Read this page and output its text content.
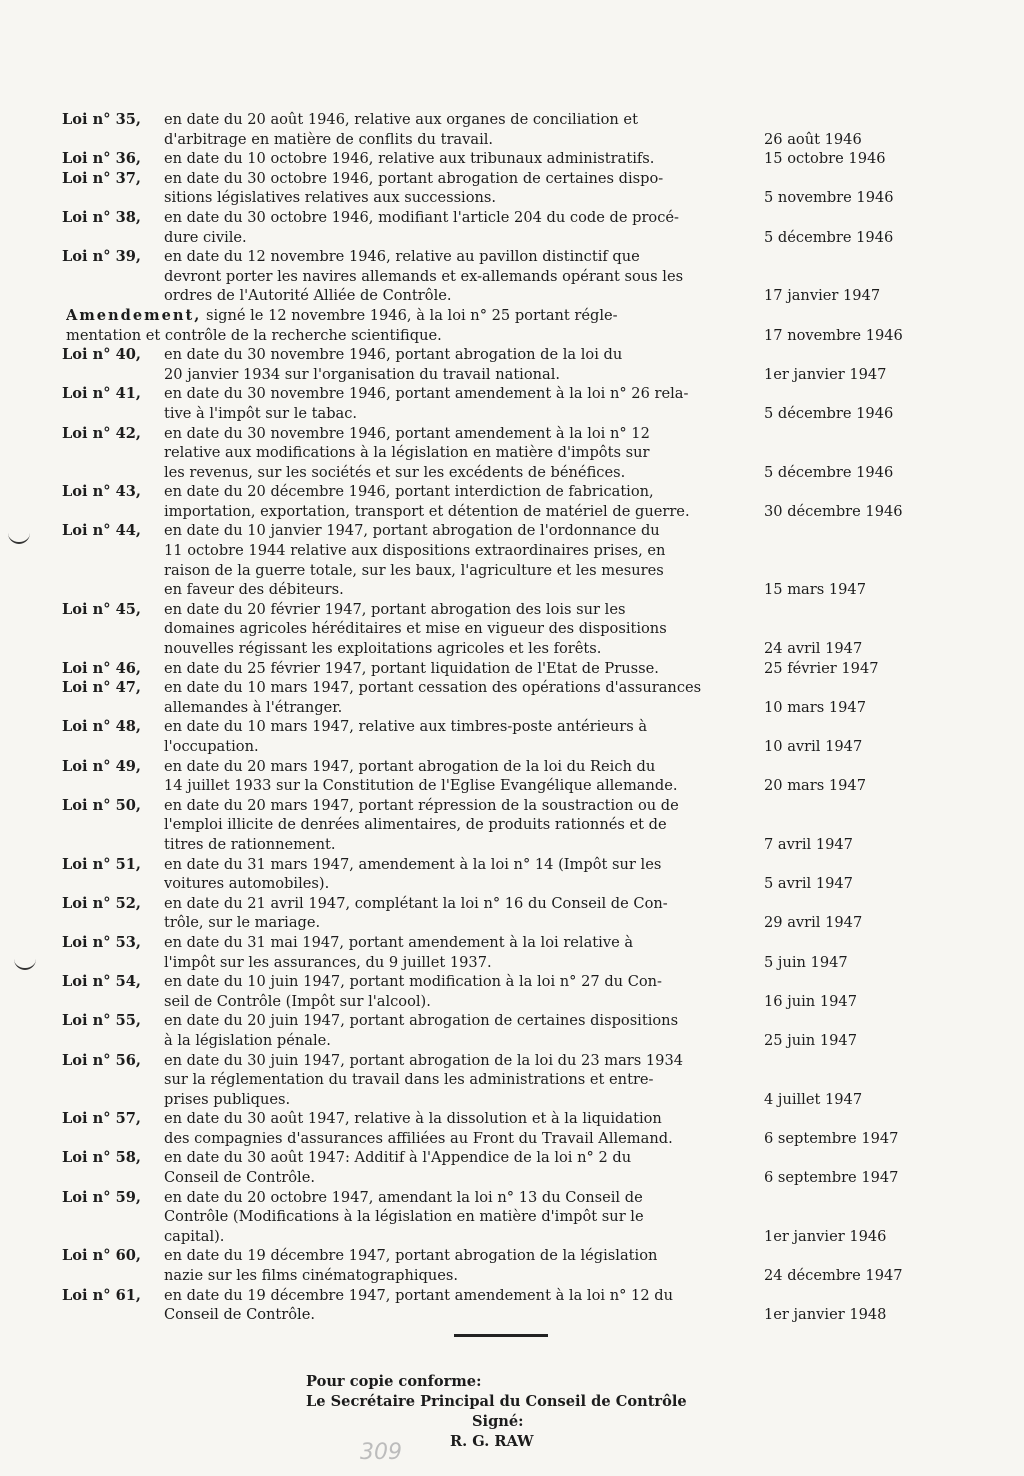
Loi n° 35,	en date du 20 août 1946, relative aux organes de conciliation et
d'arbitrage en matière de conflits du travail.	26 août 1946
Loi n° 36,	en date du 10 octobre 1946, relative aux tribunaux administratifs.	15 octobre 1946
Loi n° 37,	en date du 30 octobre 1946, portant abrogation de certaines dispo-
sitions législatives relatives aux successions.	5 novembre 1946
Loi n° 38,	en date du 30 octobre 1946, modifiant l'article 204 du code de procé-
dure civile.	5 décembre 1946
Loi n° 39,	en date du 12 novembre 1946, relative au pavillon distinctif que
devront porter les navires allemands et ex-allemands opérant sous les
ordres de l'Autorité Alliée de Contrôle.	17 janvier 1947
Amendement, signé le 12 novembre 1946, à la loi n° 25 portant régle-
mentation et contrôle de la recherche scientifique.	17 novembre 1946
Loi n° 40,	en date du 30 novembre 1946, portant abrogation de la loi du
20 janvier 1934 sur l'organisation du travail national.	1er janvier 1947
Loi n° 41,	en date du 30 novembre 1946, portant amendement à la loi n° 26 rela-
tive à l'impôt sur le tabac.	5 décembre 1946
Loi n° 42,	en date du 30 novembre 1946, portant amendement à la loi n° 12
relative aux modifications à la législation en matière d'impôts sur
les revenus, sur les sociétés et sur les excédents de bénéfices.	5 décembre 1946
Loi n° 43,	en date du 20 décembre 1946, portant interdiction de fabrication,
importation, exportation, transport et détention de matériel de guerre.	30 décembre 1946
Loi n° 44,	en date du 10 janvier 1947, portant abrogation de l'ordonnance du
11 octobre 1944 relative aux dispositions extraordinaires prises, en
raison de la guerre totale, sur les baux, l'agriculture et les mesures
en faveur des débiteurs.	15 mars 1947
Loi n° 45,	en date du 20 février 1947, portant abrogation des lois sur les
domaines agricoles héréditaires et mise en vigueur des dispositions
nouvelles régissant les exploitations agricoles et les forêts.	24 avril 1947
Loi n° 46,	en date du 25 février 1947, portant liquidation de l'Etat de Prusse.	25 février 1947
Loi n° 47,	en date du 10 mars 1947, portant cessation des opérations d'assurances
allemandes à l'étranger.	10 mars 1947
Loi n° 48,	en date du 10 mars 1947, relative aux timbres-poste antérieurs à
l'occupation.	10 avril 1947
Loi n° 49,	en date du 20 mars 1947, portant abrogation de la loi du Reich du
14 juillet 1933 sur la Constitution de l'Eglise Evangélique allemande.	20 mars 1947
Loi n° 50,	en date du 20 mars 1947, portant répression de la soustraction ou de
l'emploi illicite de denrées alimentaires, de produits rationnés et de
titres de rationnement.	7 avril 1947
Loi n° 51,	en date du 31 mars 1947, amendement à la loi n° 14 (Impôt sur les
voitures automobiles).	5 avril 1947
Loi n° 52,	en date du 21 avril 1947, complétant la loi n° 16 du Conseil de Con-
trôle, sur le mariage.	29 avril 1947
Loi n° 53,	en date du 31 mai 1947, portant amendement à la loi relative à
l'impôt sur les assurances, du 9 juillet 1937.	5 juin 1947
Loi n° 54,	en date du 10 juin 1947, portant modification à la loi n° 27 du Con-
seil de Contrôle (Impôt sur l'alcool).	16 juin 1947
Loi n° 55,	en date du 20 juin 1947, portant abrogation de certaines dispositions
à la législation pénale.	25 juin 1947
Loi n° 56,	en date du 30 juin 1947, portant abrogation de la loi du 23 mars 1934
sur la réglementation du travail dans les administrations et entre-
prises publiques.	4 juillet 1947
Loi n° 57,	en date du 30 août 1947, relative à la dissolution et à la liquidation
des compagnies d'assurances affiliées au Front du Travail Allemand.	6 septembre 1947
Loi n° 58,	en date du 30 août 1947: Additif à l'Appendice de la loi n° 2 du
Conseil de Contrôle.	6 septembre 1947
Loi n° 59,	en date du 20 octobre 1947, amendant la loi n° 13 du Conseil de
Contrôle (Modifications à la législation en matière d'impôt sur le
capital).	1er janvier 1946
Loi n° 60,	en date du 19 décembre 1947, portant abrogation de la législation
nazie sur les films cinématographiques.	24 décembre 1947
Loi n° 61,	en date du 19 décembre 1947, portant amendement à la loi n° 12 du
Conseil de Contrôle.	1er janvier 1948
Pour copie conforme:
Le Secrétaire Principal du Conseil de Contrôle
Signé:
R. G. RAW
309
